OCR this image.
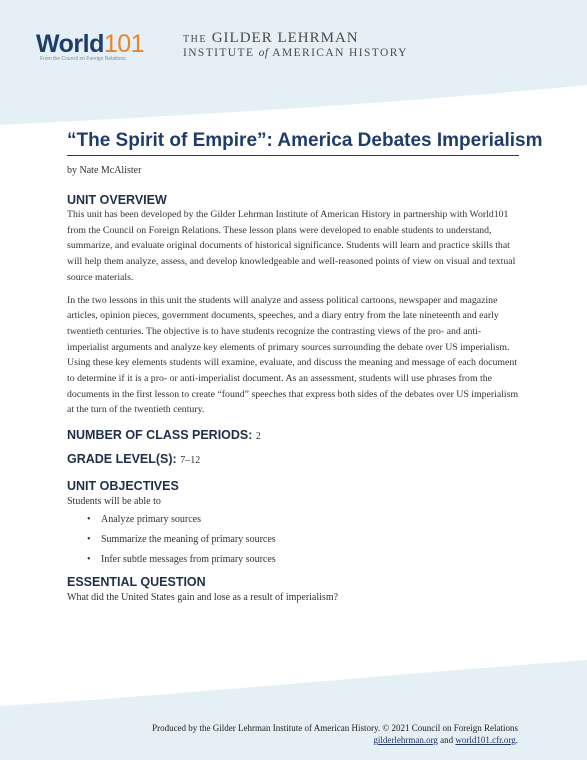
World101
From the Council on Foreign Relations
THE GILDER LEHRMAN
INSTITUTE of AMERICAN HISTORY
“The Spirit of Empire”: America Debates Imperialism
by Nate McAlister
UNIT OVERVIEW

This unit has been developed by the Gilder Lehrman Institute of American History in partnership with World101 from the Council on Foreign Relations. These lesson plans were developed to enable students to understand, summarize, and evaluate original documents of historical significance. Students will learn and practice skills that will help them analyze, assess, and develop knowledgeable and well-reasoned points of view on visual and textual source materials.

In the two lessons in this unit the students will analyze and assess political cartoons, newspaper and magazine articles, opinion pieces, government documents, speeches, and a diary entry from the late nineteenth and early twentieth centuries. The objective is to have students recognize the contrasting views of the pro- and anti-imperialist arguments and analyze key elements of primary sources surrounding the debate over US imperialism. Using these key elements students will examine, evaluate, and discuss the meaning and message of each document to determine if it is a pro- or anti-imperialist document. As an assessment, students will use phrases from the documents in the first lesson to create “found” speeches that express both sides of the debates over US imperialism at the turn of the twentieth century.

NUMBER OF CLASS PERIODS: 2
GRADE LEVEL(S): 7–12
UNIT OBJECTIVES

Students will be able to

• Analyze primary sources
• Summarize the meaning of primary sources
• Infer subtle messages from primary sources
ESSENTIAL QUESTION

What did the United States gain and lose as a result of imperialism?

Produced by the Gilder Lehrman Institute of American History. © 2021 Council on Foreign Relations
gilderlehrman.org and world101.cfr.org.
